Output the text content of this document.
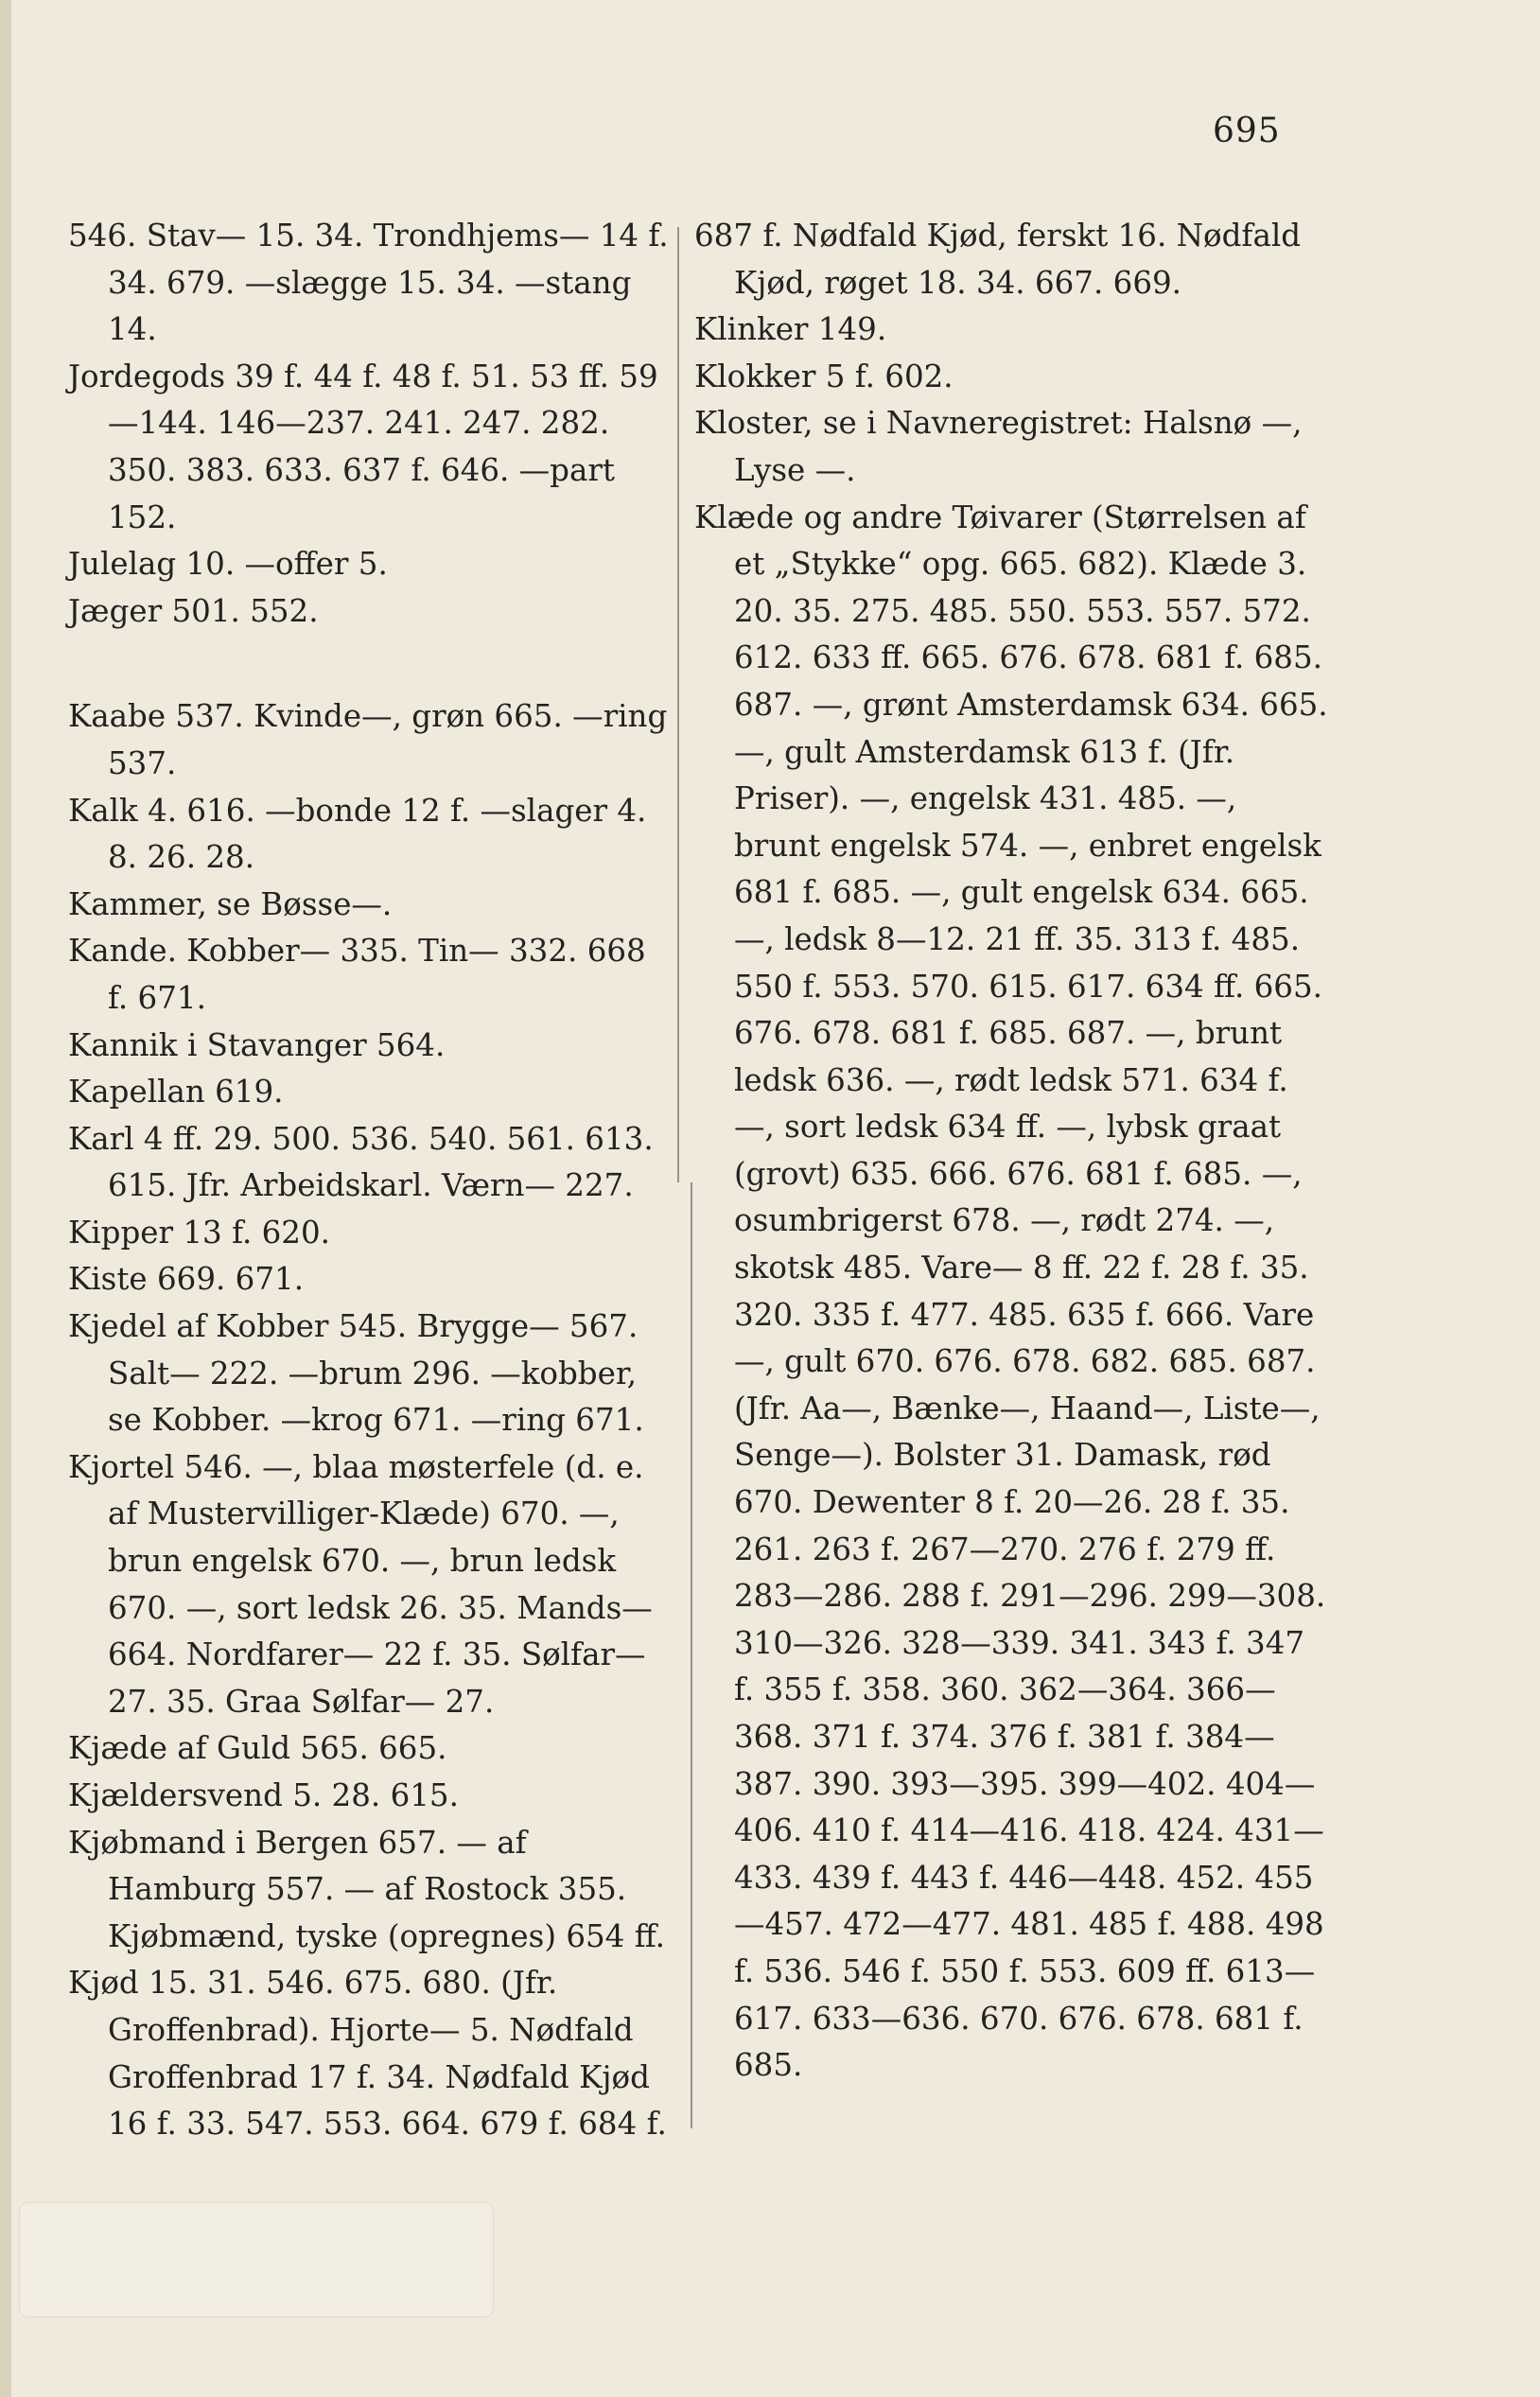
695

546. Stav— 15. 34. Trondhjems— 14 f. 34. 679. —slægge 15. 34. —stang 14.

Jordegods 39 f. 44 f. 48 f. 51. 53 ff. 59—144. 146—237. 241. 247. 282. 350. 383. 633. 637 f. 646. —part 152.

Julelag 10. —offer 5.

Jæger 501. 552.

Kaabe 537. Kvinde—, grøn 665. —ring 537.

Kalk 4. 616. —bonde 12 f. —slager 4. 8. 26. 28.

Kammer, se Bøsse—.

Kande. Kobber— 335. Tin— 332. 668 f. 671.

Kannik i Stavanger 564.

Kapellan 619.

Karl 4 ff. 29. 500. 536. 540. 561. 613. 615. Jfr. Arbeidskarl. Værn— 227.

Kipper 13 f. 620.

Kiste 669. 671.

Kjedel af Kobber 545. Brygge— 567. Salt— 222. —brum 296. —kobber, se Kobber. —krog 671. —ring 671.

Kjortel 546. —, blaa møsterfele (d. e. af Mustervilliger-Klæde) 670. —, brun engelsk 670. —, brun ledsk 670. —, sort ledsk 26. 35. Mands— 664. Nordfarer— 22 f. 35. Sølfar— 27. 35. Graa Sølfar— 27.

Kjæde af Guld 565. 665.

Kjældersvend 5. 28. 615.

Kjøbmand i Bergen 657. — af Hamburg 557. — af Rostock 355. Kjøbmænd, tyske (opregnes) 654 ff.

Kjød 15. 31. 546. 675. 680. (Jfr. Groffenbrad). Hjorte— 5. Nødfald Groffenbrad 17 f. 34. Nødfald Kjød 16 f. 33. 547. 553. 664. 679 f. 684 f.

687 f. Nødfald Kjød, ferskt 16. Nødfald Kjød, røget 18. 34. 667. 669.

Klinker 149.

Klokker 5 f. 602.

Kloster, se i Navneregistret: Halsnø —, Lyse —.

Klæde og andre Tøivarer (Størrelsen af et „Stykke“ opg. 665. 682). Klæde 3. 20. 35. 275. 485. 550. 553. 557. 572. 612. 633 ff. 665. 676. 678. 681 f. 685. 687. —, grønt Amsterdamsk 634. 665. —, gult Amsterdamsk 613 f. (Jfr. Priser). —, engelsk 431. 485. —, brunt engelsk 574. —, enbret engelsk 681 f. 685. —, gult engelsk 634. 665. —, ledsk 8—12. 21 ff. 35. 313 f. 485. 550 f. 553. 570. 615. 617. 634 ff. 665. 676. 678. 681 f. 685. 687. —, brunt ledsk 636. —, rødt ledsk 571. 634 f. —, sort ledsk 634 ff. —, lybsk graat (grovt) 635. 666. 676. 681 f. 685. —, osumbrigerst 678. —, rødt 274. —, skotsk 485. Vare— 8 ff. 22 f. 28 f. 35. 320. 335 f. 477. 485. 635 f. 666. Vare—, gult 670. 676. 678. 682. 685. 687. (Jfr. Aa—, Bænke—, Haand—, Liste—, Senge—). Bolster 31. Damask, rød 670. Dewenter 8 f. 20—26. 28 f. 35. 261. 263 f. 267—270. 276 f. 279 ff. 283—286. 288 f. 291—296. 299—308. 310—326. 328—339. 341. 343 f. 347 f. 355 f. 358. 360. 362—364. 366—368. 371 f. 374. 376 f. 381 f. 384—387. 390. 393—395. 399—402. 404—406. 410 f. 414—416. 418. 424. 431—433. 439 f. 443 f. 446—448. 452. 455—457. 472—477. 481. 485 f. 488. 498 f. 536. 546 f. 550 f. 553. 609 ff. 613—617. 633—636. 670. 676. 678. 681 f. 685.
